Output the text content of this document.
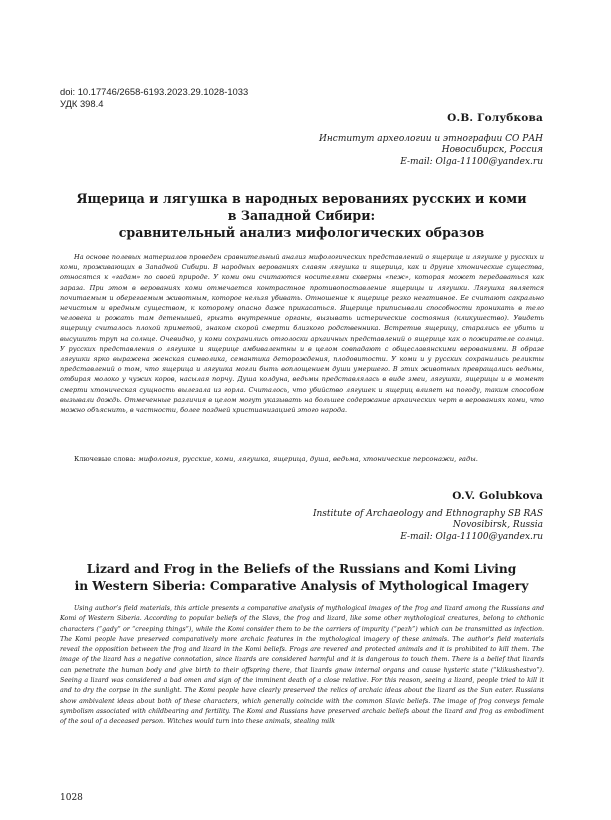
doi: 10.17746/2658-6193.2023.29.1028-1033
УДК 398.4
О.В. Голубкова
Институт археологии и этнографии СО РАН
Новосибирск, Россия
E-mail: Olga-11100@yandex.ru
Ящерица и лягушка в народных верованиях русских и коми
в Западной Сибири:
сравнительный анализ мифологических образов

На основе полевых материалов проведен сравнительный анализ мифологических представлений о ящерице и лягушке у русских и коми, проживающих в Западной Сибири. В народных верованиях славян лягушка и ящерица, как и другие хтонические существа, относятся к «гадам» по своей природе. У коми они считаются носителями скверны «пеж», которая может передаваться как зараза. При этом в верованиях коми отмечается контрастное противопоставление ящерицы и лягушки. Лягушка является почитаемым и оберегаемым животным, которое нельзя убивать. Отношение к ящерице резко негативное. Ее считают сакрально нечистым и вредным существом, к которому опасно даже прикасаться. Ящерице приписывали способности проникать в тело человека и рожать там детенышей, грызть внутренние органы, вызывать истерические состояния (кликушество). Увидеть ящерицу считалось плохой приметой, знаком скорой смерти близкого родственника. Встретив ящерицу, старались ее убить и высушить труп на солнце. Очевидно, у коми сохранились отголоски архаичных представлений о ящерице как о пожирателе солнца. У русских представления о лягушке и ящерице амбивалентны и в целом совпадают с общеславянскими верованиями. В образе лягушки ярко выражена женская символика, семантика деторождения, плодовитости. У коми и у русских сохранились реликты представлений о том, что ящерица и лягушка могли быть воплощением души умершего. В этих животных превращались ведьмы, отбирая молоко у чужих коров, насылая порчу. Душа колдуна, ведьмы представлялась в виде змеи, лягушки, ящерицы и в момент смерти хтоническая сущность вылезала из горла. Считалось, что убийство лягушек и ящериц влияет на погоду, таким способом вызывали дождь. Отмеченные различия в целом могут указывать на большее содержание архаических черт в верованиях коми, что можно объяснить, в частности, более поздней христианизацией этого народа.

Ключевые слова: мифология, русские, коми, лягушка, ящерица, душа, ведьма, хтонические персонажи, гады.
O.V. Golubkova
Institute of Archaeology and Ethnography SB RAS
Novosibirsk, Russia
E-mail: Olga-11100@yandex.ru
Lizard and Frog in the Beliefs of the Russians and Komi Living
in Western Siberia: Comparative Analysis of Mythological Imagery

Using author’s field materials, this article presents a comparative analysis of mythological images of the frog and lizard among the Russians and Komi of Western Siberia. According to popular beliefs of the Slavs, the frog and lizard, like some other mythological creatures, belong to chthonic characters (“gady” or “creeping things”), while the Komi consider them to be the carriers of impurity (“pezh”) which can be transmitted as infection. The Komi people have preserved comparatively more archaic features in the mythological imagery of these animals. The author’s field materials reveal the opposition between the frog and lizard in the Komi beliefs. Frogs are revered and protected animals and it is prohibited to kill them. The image of the lizard has a negative connotation, since lizards are considered harmful and it is dangerous to touch them. There is a belief that lizards can penetrate the human body and give birth to their offspring there, that lizards gnaw internal organs and cause hysteric state (“klikushestvo”). Seeing a lizard was considered a bad omen and sign of the imminent death of a close relative. For this reason, seeing a lizard, people tried to kill it and to dry the corpse in the sunlight. The Komi people have clearly preserved the relics of archaic ideas about the lizard as the Sun eater. Russians show ambivalent ideas about both of these characters, which generally coincide with the common Slavic beliefs. The image of frog conveys female symbolism associated with childbearing and fertility. The Komi and Russians have preserved archaic beliefs about the lizard and frog as embodiment of the soul of a deceased person. Witches would turn into these animals, stealing milk

1028
